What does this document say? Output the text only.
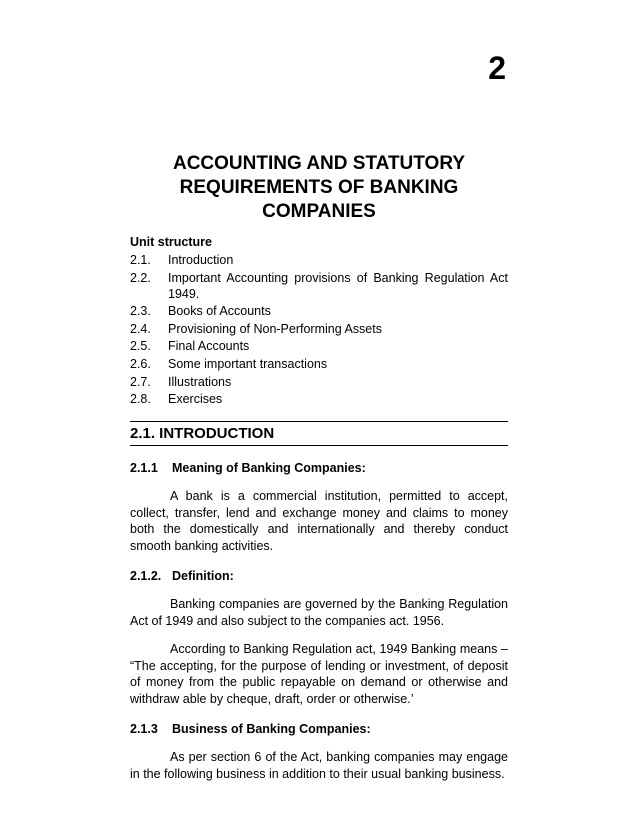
2
ACCOUNTING AND STATUTORY
REQUIREMENTS OF BANKING
COMPANIES
Unit structure
2.1.	Introduction
2.2.	Important Accounting provisions of Banking Regulation Act 1949.
2.3.	Books of Accounts
2.4.	Provisioning of Non-Performing Assets
2.5.	Final Accounts
2.6.	Some important transactions
2.7.	Illustrations
2.8.	Exercises
2.1. INTRODUCTION
2.1.1 Meaning of Banking Companies:

A bank is a commercial institution, permitted to accept, collect, transfer, lend and exchange money and claims to money both the domestically and internationally and thereby conduct smooth banking activities.

2.1.2. Definition:

Banking companies are governed by the Banking Regulation Act of 1949 and also subject to the companies act. 1956.

According to Banking Regulation act, 1949 Banking means – “The accepting, for the purpose of lending or investment, of deposit of money from the public repayable on demand or otherwise and withdraw able by cheque, draft, order or otherwise.’

2.1.3 Business of Banking Companies:

As per section 6 of the Act, banking companies may engage in the following business in addition to their usual banking business.
